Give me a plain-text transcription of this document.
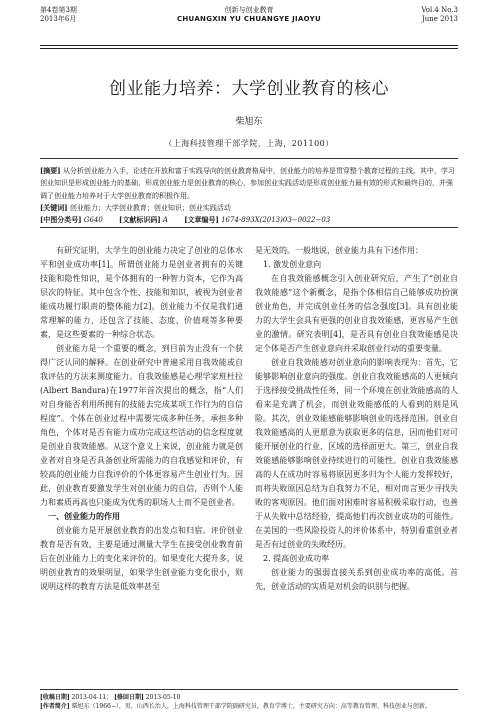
第4卷第3期
2013年6月
创新与创业教育
CHUANGXIN YU CHUANGYE JIAOYU
Vol.4 No.3
June 2013
创业能力培养：大学创业教育的核心
柴旭东
（上海科技管理干部学院，上海，201100）

[摘要] 从分析创业能力入手，论述在开放和富于实践导向的创业教育格局中，创业能力的培养是贯穿整个教育过程的主线。其中，学习创业知识是形成创业能力的基础，形成创业能力是创业教育的核心，参加创业实践活动是形成创业能力最有效的形式和最终目的，并强调了创业能力培养对于大学创业教育的积极作用。

[关键词] 创业能力；大学创业教育；创业知识；创业实践活动

[中图分类号] G640 [文献标识码] A [文章编号] 1674-893X(2013)03−0022−03

有研究证明，大学生的创业能力决定了创业的总体水平和创业成功率[1]。所谓创业能力是创业者拥有的关键技能和隐性知识，是个体拥有的一种智力资本，它作为高层次的特征。其中包含个性、技能和知识，被视为创业者能成功履行职责的整体能力[2]。创业能力不仅是我们通常理解的能力，还包含了技能、态度、价值观等多种要素，是这些要素的一种综合状态。

创业能力是一个重要的概念，到目前为止没有一个获得广泛认同的解释。在创业研究中普遍采用自我效能或自我评估的方法来测度能力。自我效能感是心理学家班杜拉(Albert Bandura)在1977年首次提出的概念，指“人们对自身能否利用所拥有的技能去完成某项工作行为的自信程度”。个体在创业过程中需要完成多种任务，承担多种角色，个体对是否有能力成功完成这些活动的信念程度就是创业自我效能感。从这个意义上来说，创业能力就是创业者对自身是否具备创业所需能力的自我感觉和评价，有较高的创业能力自我评价的个体更容易产生创业行为。因此，创业教育要激发学生对创业能力的自信，否则个人能力和素质再高也只能成为优秀的职场人士而不是创业者。

一、创业能力的作用

创业能力是开展创业教育的出发点和归宿。评价创业教育是否有效，主要是通过测量大学生在接受创业教育前后在创业能力上的变化来评价的。如果变化大提升多，说明创业教育的效果明显，如果学生创业能力变化很小，则说明这样的教育方法是低效率甚至

是无效的。一般地说，创业能力具有下述作用：

1. 激发创业意向

在自我效能感概念引入创业研究后，产生了“创业自我效能感”这个新概念，是指个体相信自己能够成功扮演创业角色，并完成创业任务的信念强度[3]。具有创业能力的大学生会具有更强的创业自我效能感，更容易产生创业的激情。研究表明[4]，是否具有创业自我效能感是决定个体是否产生创业意向并采取创业行动的重要变量。

创业自我效能感对创业意向的影响表现为：首先，它能够影响创业意向的强度。创业自我效能感高的人更倾向于选择接受挑战性任务，同一个环境在创业效能感高的人看来是充满了机会，而创业效能感低的人看到的则是风险。其次，创业效能感能够影响创业的选择范围。创业自我效能感高的人更愿意为获取更多的信息，因而他们对可能开展创业的行业、区域的选择面更大。第三，创业自我效能感能够影响创业持续进行的可能性。创业自我效能感高的人在成功时容易将原因更多归为个人能力发挥较好，而将失败原因总结为自我努力不足，相对而言更少寻找失败的客观原因。他们面对困难时容易积极采取行动，也善于从失败中总结经验，提高他们再次创业成功的可能性。在美国的一些风险投资人的评价体系中，特别看重创业者是否有过创业的失败经历。

2. 提高创业成功率

创业能力的强弱直接关系到创业成功率的高低。首先，创业活动的实质是对机会的识别与把握。

[收稿日期] 2013-04-11； [修回日期] 2013-05-10

[作者简介] 柴旭东（1966−），男，山西长治人，上海科技管理干部学院副研究员，教育学博士，主要研究方向：高等教育管理、科技创业与创新。
